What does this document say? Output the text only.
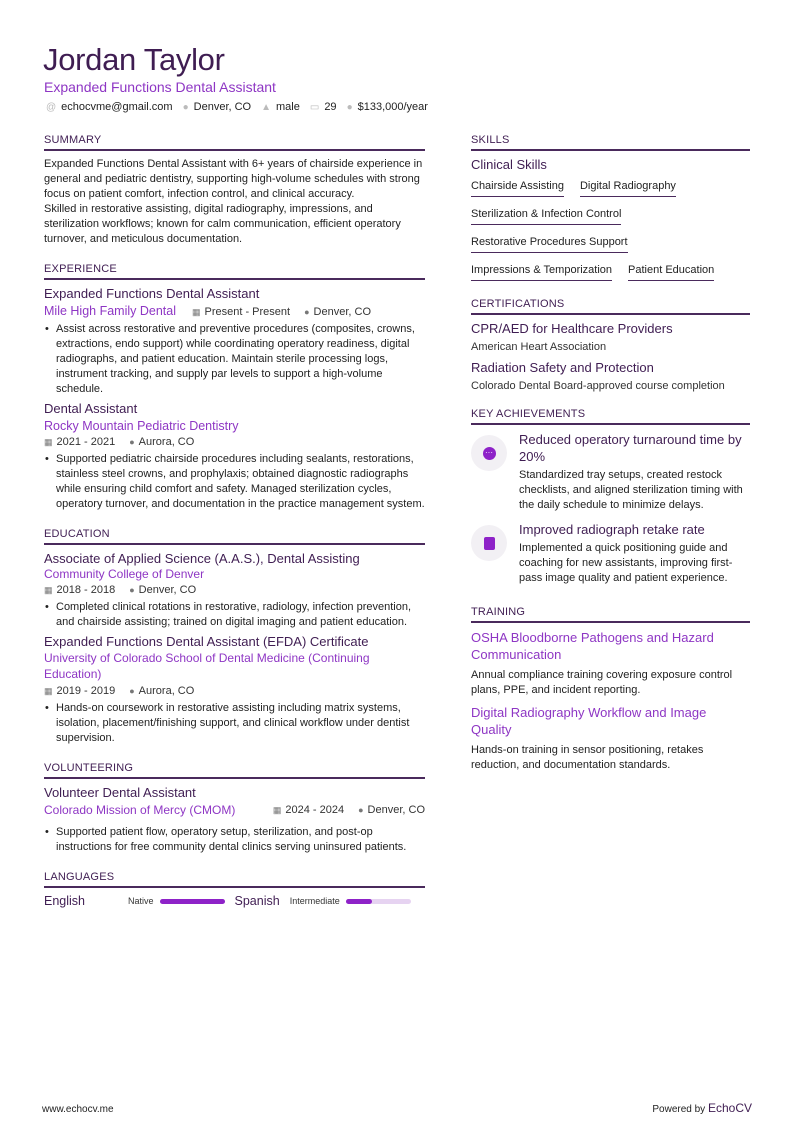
Jordan Taylor
Expanded Functions Dental Assistant
@ echocvme@gmail.com ● Denver, CO ▲ male ▭ 29 ● $133,000/year
SUMMARY

Expanded Functions Dental Assistant with 6+ years of chairside experience in general and pediatric dentistry, supporting high-volume schedules with strong focus on patient comfort, infection control, and clinical accuracy.

Skilled in restorative assisting, digital radiography, impressions, and sterilization workflows; known for calm communication, efficient operatory turnover, and meticulous documentation.

EXPERIENCE
Expanded Functions Dental Assistant
Mile High Family Dental ▦ Present - Present ● Denver, CO
• Assist across restorative and preventive procedures (composites, crowns, extractions, endo support) while coordinating operatory readiness, digital radiographs, and patient education. Maintain sterile processing logs, instrument tracking, and supply par levels to support a high-volume schedule.
Dental Assistant
Rocky Mountain Pediatric Dentistry
▦ 2021 - 2021 ● Aurora, CO
• Supported pediatric chairside procedures including sealants, restorations, stainless steel crowns, and prophylaxis; obtained diagnostic radiographs while ensuring child comfort and safety. Managed sterilization cycles, operatory turnover, and documentation in the practice management system.
EDUCATION
Associate of Applied Science (A.A.S.), Dental Assisting
Community College of Denver
▦ 2018 - 2018 ● Denver, CO
• Completed clinical rotations in restorative, radiology, infection prevention, and chairside assisting; trained on digital imaging and patient education.
Expanded Functions Dental Assistant (EFDA) Certificate
University of Colorado School of Dental Medicine (Continuing Education)
▦ 2019 - 2019 ● Aurora, CO
• Hands-on coursework in restorative assisting including matrix systems, isolation, placement/finishing support, and clinical workflow under dentist supervision.
VOLUNTEERING
Volunteer Dental Assistant
Colorado Mission of Mercy (CMOM)	▦ 2024 - 2024 ● Denver, CO
• Supported patient flow, operatory setup, sterilization, and post-op instructions for free community dental clinics serving uninsured patients.
LANGUAGES
English	Native	Spanish Intermediate
SKILLS
Clinical Skills
Chairside Assisting Digital Radiography
Sterilization & Infection Control
Restorative Procedures Support
Impressions & Temporization Patient Education
CERTIFICATIONS
CPR/AED for Healthcare Providers
American Heart Association
Radiation Safety and Protection
Colorado Dental Board-approved course completion
KEY ACHIEVEMENTS
···
Reduced operatory turnaround time by 20%
Standardized tray setups, created restock checklists, and aligned sterilization timing with the daily schedule to minimize delays.
Improved radiograph retake rate
Implemented a quick positioning guide and coaching for new assistants, improving first-pass image quality and patient experience.
TRAINING
OSHA Bloodborne Pathogens and Hazard Communication
Annual compliance training covering exposure control plans, PPE, and incident reporting.
Digital Radiography Workflow and Image Quality
Hands-on training in sensor positioning, retakes reduction, and documentation standards.
www.echocv.me	Powered by EchoCV
